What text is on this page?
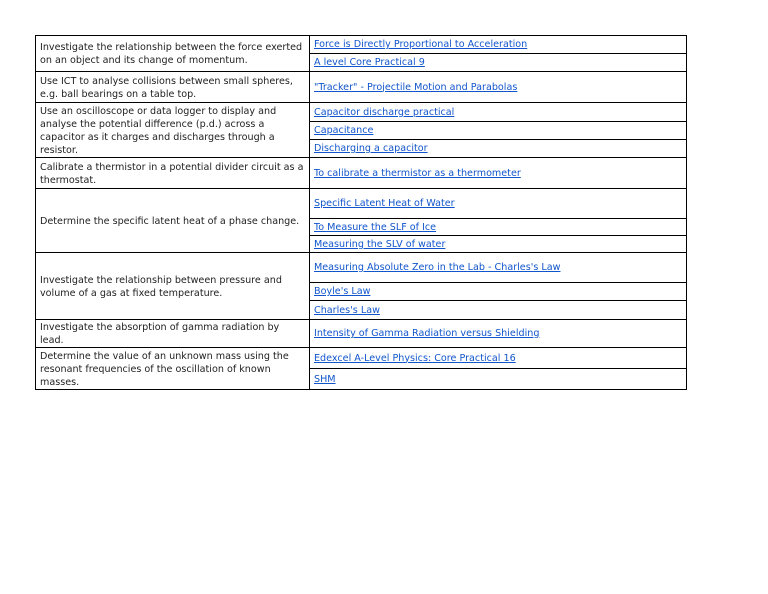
Investigate the relationship between the force exerted on an object and its change of momentum.	Force is Directly Proportional to Acceleration
A level Core Practical 9

Use ICT to analyse collisions between small spheres, e.g. ball bearings on a table top.	"Tracker" - Projectile Motion and Parabolas

Use an oscilloscope or data logger to display and analyse the potential difference (p.d.) across a capacitor as it charges and discharges through a resistor.	Capacitor discharge practical
Capacitance
Discharging a capacitor

Calibrate a thermistor in a potential divider circuit as a thermostat.	To calibrate a thermistor as a thermometer

Determine the specific latent heat of a phase change.	Specific Latent Heat of Water
To Measure the SLF of Ice
Measuring the SLV of water

Investigate the relationship between pressure and volume of a gas at fixed temperature.	Measuring Absolute Zero in the Lab - Charles's Law
Boyle's Law
Charles's Law

Investigate the absorption of gamma radiation by lead.	Intensity of Gamma Radiation versus Shielding

Determine the value of an unknown mass using the resonant frequencies of the oscillation of known masses.	Edexcel A-Level Physics: Core Practical 16
SHM
